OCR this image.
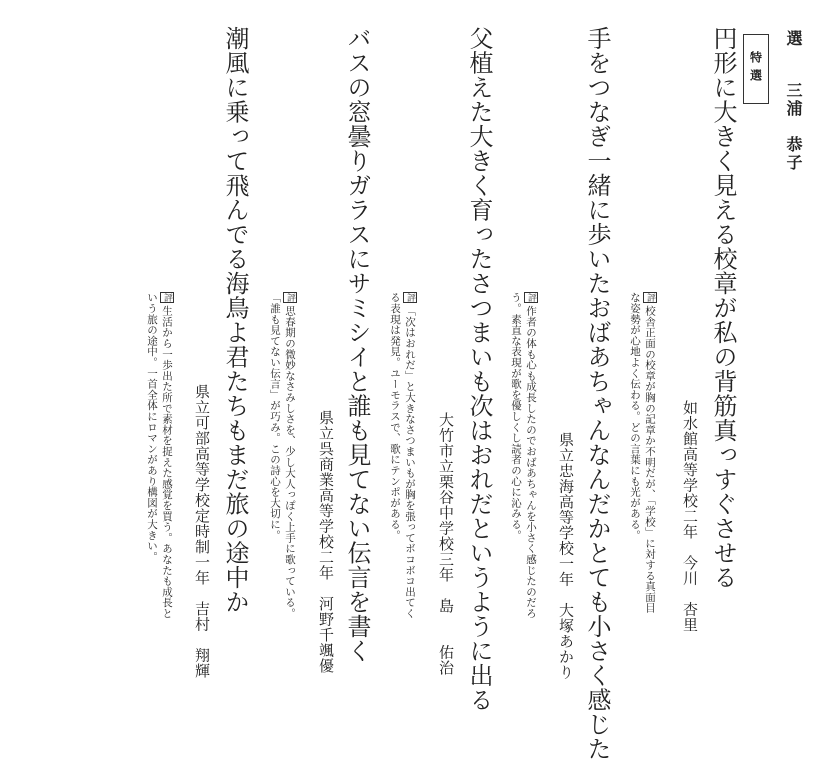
選
三浦　恭子
特選
円形に大きく見える校章が私の背筋真っすぐさせる
如水館高等学校二年　今川　杏里
評校舎正面の校章が胸の記章か不明だが、「学校」に対する真面目な姿勢が心地よく伝わる。どの言葉にも光がある。
手をつなぎ一緒に歩いたおばあちゃんなんだかとても小さく感じた
県立忠海高等学校一年　大塚あかり
評作者の体も心も成長したのでおばあちゃんを小さく感じたのだろう。素直な表現が歌を優しくし読者の心に沁みる。
父植えた大きく育ったさつまいも次はおれだというように出る
大竹市立栗谷中学校三年　島　　佑治
評「次はおれだ」と大きなさつまいもが胸を張ってボコボコ出てくる表現は発見。ユーモラスで、歌にテンポがある。
バスの窓曇りガラスにサミシイと誰も見てない伝言を書く
県立呉商業高等学校二年　河野千颯優
評思春期の微妙なさみしさを、少し大人っぽく上手に歌っている。「誰も見てない伝言」が巧み。この詩心を大切に。
潮風に乗って飛んでる海鳥よ君たちもまだ旅の途中か
県立可部高等学校定時制一年　吉村　翔輝
評生活から一歩出た所で素材を捉えた感覚を買う。あなたも成長という旅の途中。一首全体にロマンがあり構図が大きい。
